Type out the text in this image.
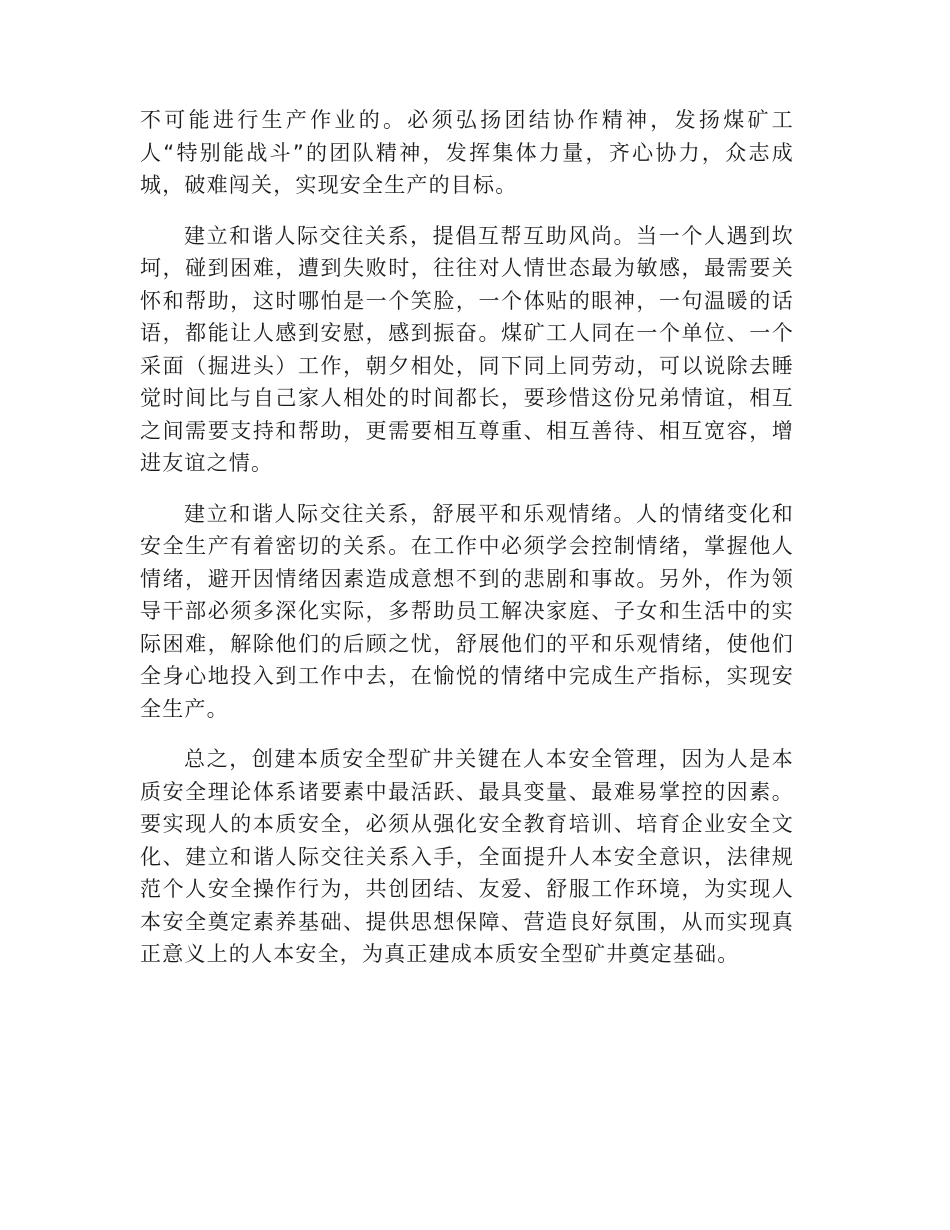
不可能进行生产作业的。必须弘扬团结协作精神，发扬煤矿工人“特别能战斗”的团队精神，发挥集体力量，齐心协力，众志成城，破难闯关，实现安全生产的目标。

建立和谐人际交往关系，提倡互帮互助风尚。当一个人遇到坎坷，碰到困难，遭到失败时，往往对人情世态最为敏感，最需要关怀和帮助，这时哪怕是一个笑脸，一个体贴的眼神，一句温暖的话语，都能让人感到安慰，感到振奋。煤矿工人同在一个单位、一个采面（掘进头）工作，朝夕相处，同下同上同劳动，可以说除去睡觉时间比与自己家人相处的时间都长，要珍惜这份兄弟情谊，相互之间需要支持和帮助，更需要相互尊重、相互善待、相互宽容，增进友谊之情。

建立和谐人际交往关系，舒展平和乐观情绪。人的情绪变化和安全生产有着密切的关系。在工作中必须学会控制情绪，掌握他人情绪，避开因情绪因素造成意想不到的悲剧和事故。另外，作为领导干部必须多深化实际，多帮助员工解决家庭、子女和生活中的实际困难，解除他们的后顾之忧，舒展他们的平和乐观情绪，使他们全身心地投入到工作中去，在愉悦的情绪中完成生产指标，实现安全生产。

总之，创建本质安全型矿井关键在人本安全管理，因为人是本质安全理论体系诸要素中最活跃、最具变量、最难易掌控的因素。要实现人的本质安全，必须从强化安全教育培训、培育企业安全文化、建立和谐人际交往关系入手，全面提升人本安全意识，法律规范个人安全操作行为，共创团结、友爱、舒服工作环境，为实现人本安全奠定素养基础、提供思想保障、营造良好氛围，从而实现真正意义上的人本安全，为真正建成本质安全型矿井奠定基础。
